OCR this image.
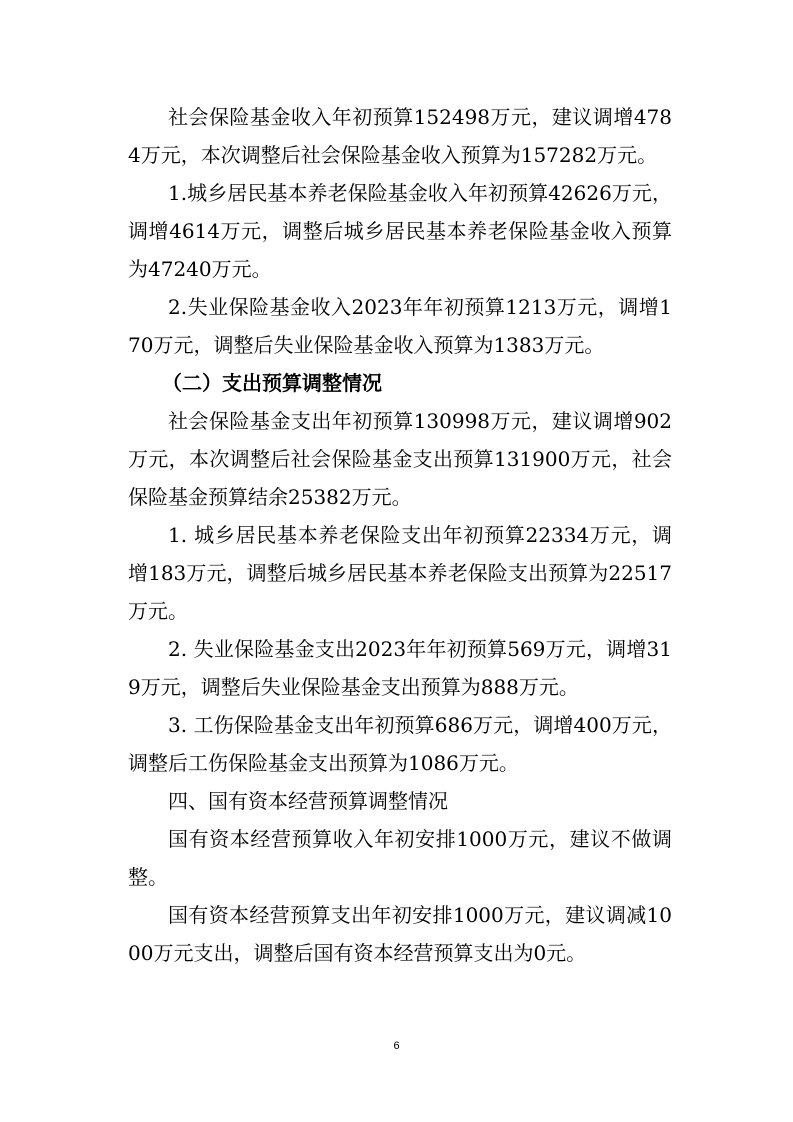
社会保险基金收入年初预算152498万元，建议调增4784万元，本次调整后社会保险基金收入预算为157282万元。

1.城乡居民基本养老保险基金收入年初预算42626万元，调增4614万元，调整后城乡居民基本养老保险基金收入预算为47240万元。

2.失业保险基金收入2023年年初预算1213万元，调增170万元，调整后失业保险基金收入预算为1383万元。

（二）支出预算调整情况

社会保险基金支出年初预算130998万元，建议调增902万元，本次调整后社会保险基金支出预算131900万元，社会保险基金预算结余25382万元。

1. 城乡居民基本养老保险支出年初预算22334万元，调增183万元，调整后城乡居民基本养老保险支出预算为22517万元。

2. 失业保险基金支出2023年年初预算569万元，调增319万元，调整后失业保险基金支出预算为888万元。

3. 工伤保险基金支出年初预算686万元，调增400万元，调整后工伤保险基金支出预算为1086万元。

四、国有资本经营预算调整情况

国有资本经营预算收入年初安排1000万元，建议不做调整。

国有资本经营预算支出年初安排1000万元，建议调减1000万元支出，调整后国有资本经营预算支出为0元。

6
